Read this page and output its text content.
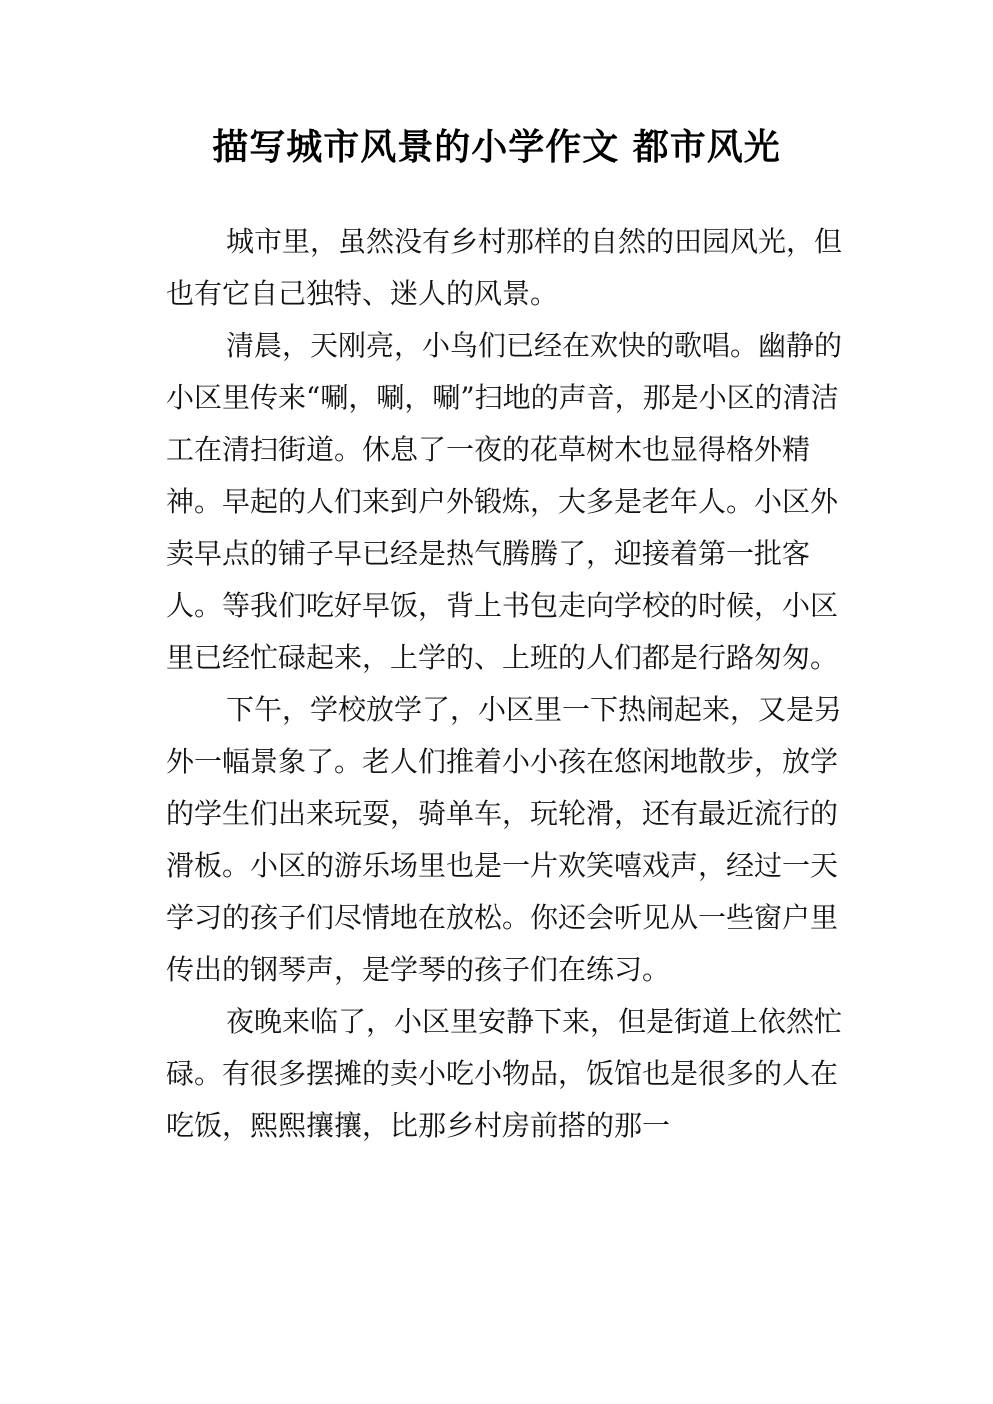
描写城市风景的小学作文 都市风光

城市里，虽然没有乡村那样的自然的田园风光，但也有它自己独特、迷人的风景。

清晨，天刚亮，小鸟们已经在欢快的歌唱。幽静的小区里传来“唰，唰，唰”扫地的声音，那是小区的清洁工在清扫街道。休息了一夜的花草树木也显得格外精神。早起的人们来到户外锻炼，大多是老年人。小区外卖早点的铺子早已经是热气腾腾了，迎接着第一批客人。等我们吃好早饭，背上书包走向学校的时候，小区里已经忙碌起来，上学的、上班的人们都是行路匆匆。

下午，学校放学了，小区里一下热闹起来，又是另外一幅景象了。老人们推着小小孩在悠闲地散步，放学的学生们出来玩耍，骑单车，玩轮滑，还有最近流行的滑板。小区的游乐场里也是一片欢笑嘻戏声，经过一天学习的孩子们尽情地在放松。你还会听见从一些窗户里传出的钢琴声，是学琴的孩子们在练习。

夜晚来临了，小区里安静下来，但是街道上依然忙碌。有很多摆摊的卖小吃小物品，饭馆也是很多的人在吃饭，熙熙攘攘，比那乡村房前搭的那一
